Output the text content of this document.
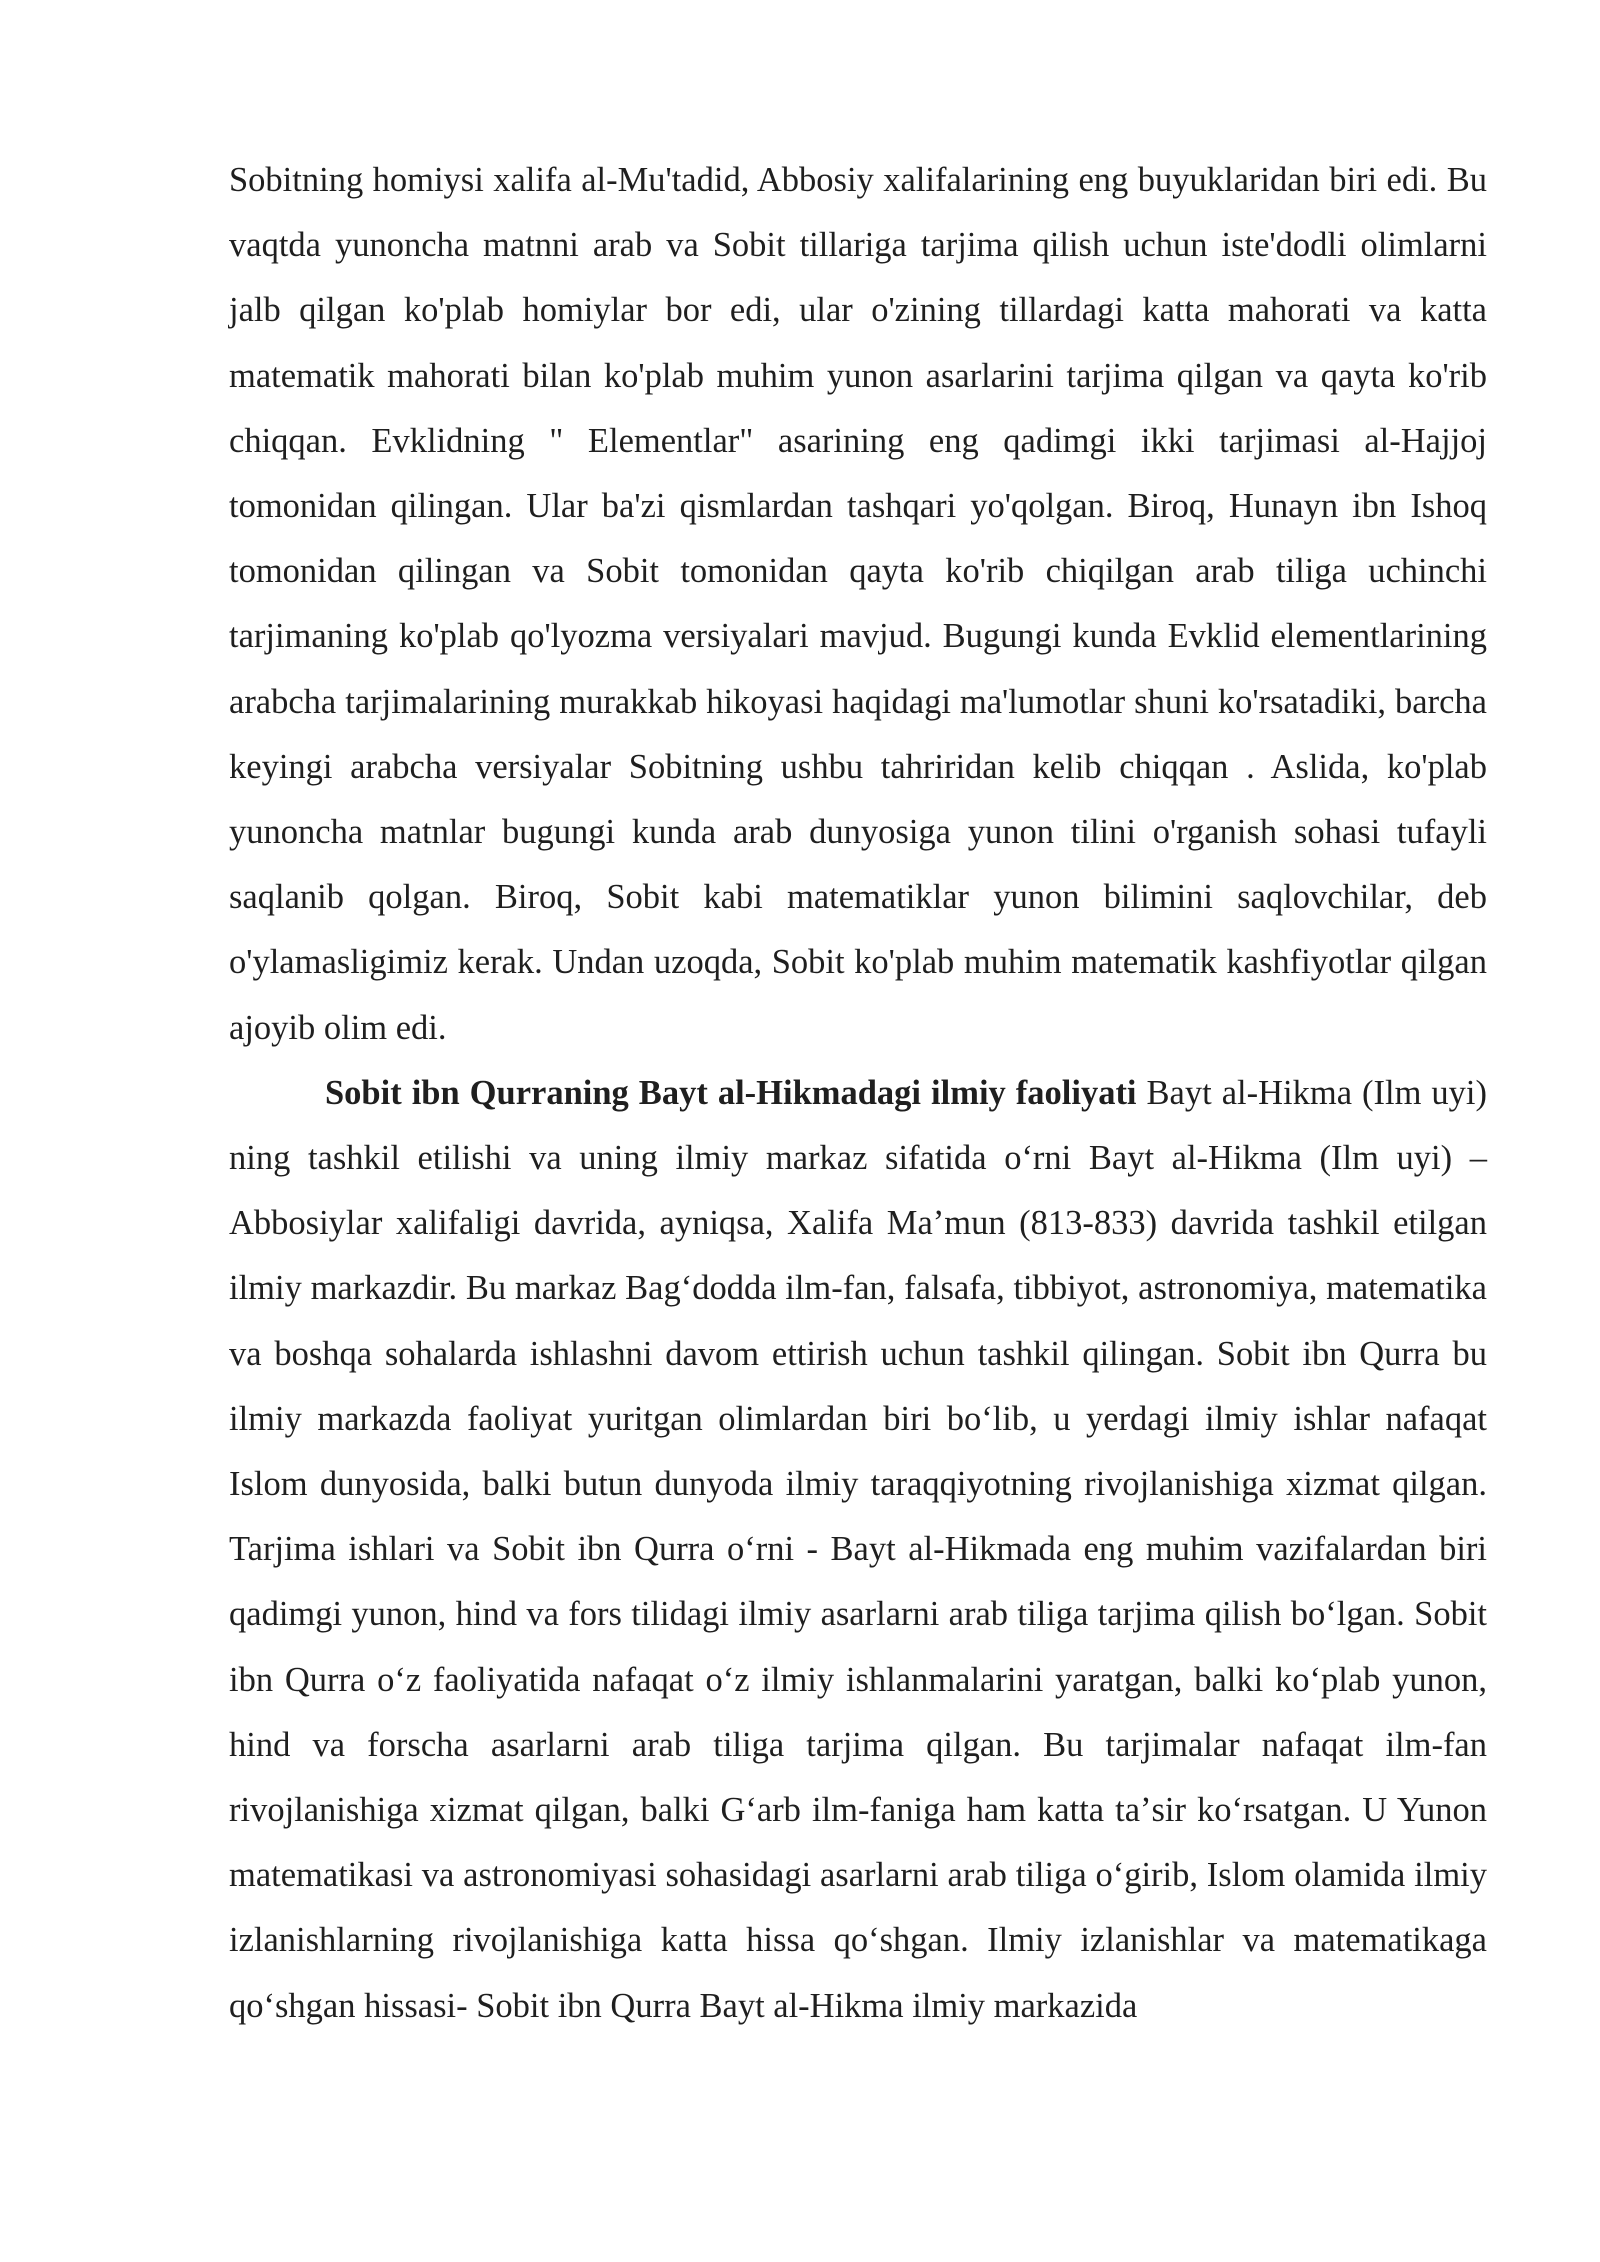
Sobitning homiysi xalifa al-Mu'tadid, Abbosiy xalifalarining eng buyuklaridan biri edi. Bu vaqtda yunoncha matnni arab va Sobit tillariga tarjima qilish uchun iste'dodli olimlarni jalb qilgan ko'plab homiylar bor edi, ular o'zining tillardagi katta mahorati va katta matematik mahorati bilan ko'plab muhim yunon asarlarini tarjima qilgan va qayta ko'rib chiqqan. Evklidning " Elementlar" asarining eng qadimgi ikki tarjimasi al-Hajjoj tomonidan qilingan. Ular ba'zi qismlardan tashqari yo'qolgan. Biroq, Hunayn ibn Ishoq tomonidan qilingan va Sobit tomonidan qayta ko'rib chiqilgan arab tiliga uchinchi tarjimaning ko'plab qo'lyozma versiyalari mavjud. Bugungi kunda Evklid elementlarining arabcha tarjimalarining murakkab hikoyasi haqidagi ma'lumotlar shuni ko'rsatadiki, barcha keyingi arabcha versiyalar Sobitning ushbu tahriridan kelib chiqqan . Aslida, ko'plab yunoncha matnlar bugungi kunda arab dunyosiga yunon tilini o'rganish sohasi tufayli saqlanib qolgan. Biroq, Sobit kabi matematiklar yunon bilimini saqlovchilar, deb o'ylamasligimiz kerak. Undan uzoqda, Sobit ko'plab muhim matematik kashfiyotlar qilgan ajoyib olim edi.

Sobit ibn Qurraning Bayt al-Hikmadagi ilmiy faoliyati Bayt al-Hikma (Ilm uyi) ning tashkil etilishi va uning ilmiy markaz sifatida oʻrni Bayt al-Hikma (Ilm uyi) – Abbosiylar xalifaligi davrida, ayniqsa, Xalifa Maʼmun (813-833) davrida tashkil etilgan ilmiy markazdir. Bu markaz Bagʻdodda ilm-fan, falsafa, tibbiyot, astronomiya, matematika va boshqa sohalarda ishlashni davom ettirish uchun tashkil qilingan. Sobit ibn Qurra bu ilmiy markazda faoliyat yuritgan olimlardan biri boʻlib, u yerdagi ilmiy ishlar nafaqat Islom dunyosida, balki butun dunyoda ilmiy taraqqiyotning rivojlanishiga xizmat qilgan. Tarjima ishlari va Sobit ibn Qurra oʻrni - Bayt al-Hikmada eng muhim vazifalardan biri qadimgi yunon, hind va fors tilidagi ilmiy asarlarni arab tiliga tarjima qilish boʻlgan. Sobit ibn Qurra oʻz faoliyatida nafaqat oʻz ilmiy ishlanmalarini yaratgan, balki koʻplab yunon, hind va forscha asarlarni arab tiliga tarjima qilgan. Bu tarjimalar nafaqat ilm-fan rivojlanishiga xizmat qilgan, balki Gʻarb ilm-faniga ham katta taʼsir koʻrsatgan. U Yunon matematikasi va astronomiyasi sohasidagi asarlarni arab tiliga oʻgirib, Islom olamida ilmiy izlanishlarning rivojlanishiga katta hissa qoʻshgan. Ilmiy izlanishlar va matematikaga qoʻshgan hissasi- Sobit ibn Qurra Bayt al-Hikma ilmiy markazida
